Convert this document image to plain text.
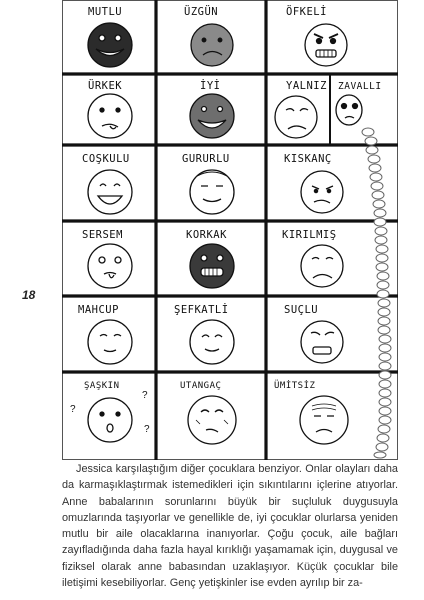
MUTLU	ÜZGÜN	ÖFKELİ
ÜRKEK	İYİ	YALNIZ ZAVALLI
COŞKULU	GURURLU	KISKANÇ
SERSEM	KORKAK	KIRILMIŞ
MAHCUP	ŞEFKATLİ	SUÇLU
ŞAŞKIN	UTANGAÇ	ÜMİTSİZ
?
?
?
18

Jessica karşılaştığım diğer çocuklara benziyor. Onlar olayları daha da karmaşıklaştırmak istemedikleri için sıkıntılarını içlerine atıyorlar. Anne babalarının sorunlarını büyük bir suçluluk duygusuyla omuzlarında taşıyorlar ve genellikle de, iyi çocuklar olurlarsa yeniden mutlu bir aile olacaklarına inanıyorlar. Çoğu çocuk, aile bağları zayıfladığında daha fazla hayal kırıklığı yaşamamak için, duygusal ve fiziksel olarak anne babasından uzaklaşıyor. Küçük çocuklar bile iletişimi kesebiliyorlar. Genç yetişkinler ise evden ayrılıp bir za-
